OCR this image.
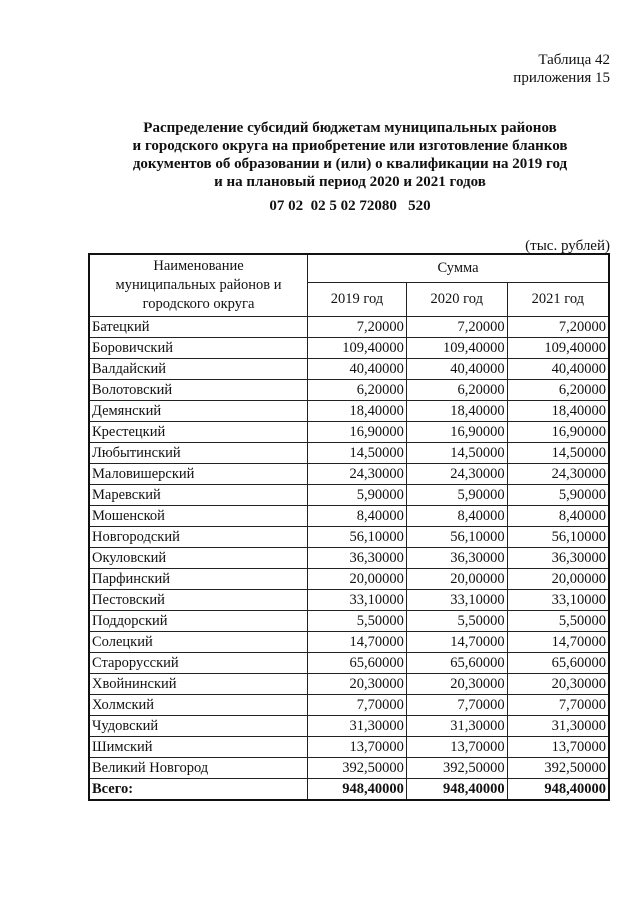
Таблица 42
приложения 15
Распределение субсидий бюджетам муниципальных районов
и городского округа на приобретение или изготовление бланков
документов об образовании и (или) о квалификации на 2019 год
и на плановый период 2020 и 2021 годов
07 02  02 5 02 72080   520
(тыс. рублей)
Наименование муниципальных районов и городского округа	Сумма		
	2019 год	2020 год	2021 год
Батецкий	7,20000	7,20000	7,20000
Боровичский	109,40000	109,40000	109,40000
Валдайский	40,40000	40,40000	40,40000
Волотовский	6,20000	6,20000	6,20000
Демянский	18,40000	18,40000	18,40000
Крестецкий	16,90000	16,90000	16,90000
Любытинский	14,50000	14,50000	14,50000
Маловишерский	24,30000	24,30000	24,30000
Маревский	5,90000	5,90000	5,90000
Мошенской	8,40000	8,40000	8,40000
Новгородский	56,10000	56,10000	56,10000
Окуловский	36,30000	36,30000	36,30000
Парфинский	20,00000	20,00000	20,00000
Пестовский	33,10000	33,10000	33,10000
Поддорский	5,50000	5,50000	5,50000
Солецкий	14,70000	14,70000	14,70000
Старорусский	65,60000	65,60000	65,60000
Хвойнинский	20,30000	20,30000	20,30000
Холмский	7,70000	7,70000	7,70000
Чудовский	31,30000	31,30000	31,30000
Шимский	13,70000	13,70000	13,70000
Великий Новгород	392,50000	392,50000	392,50000
Всего:	948,40000	948,40000	948,40000
